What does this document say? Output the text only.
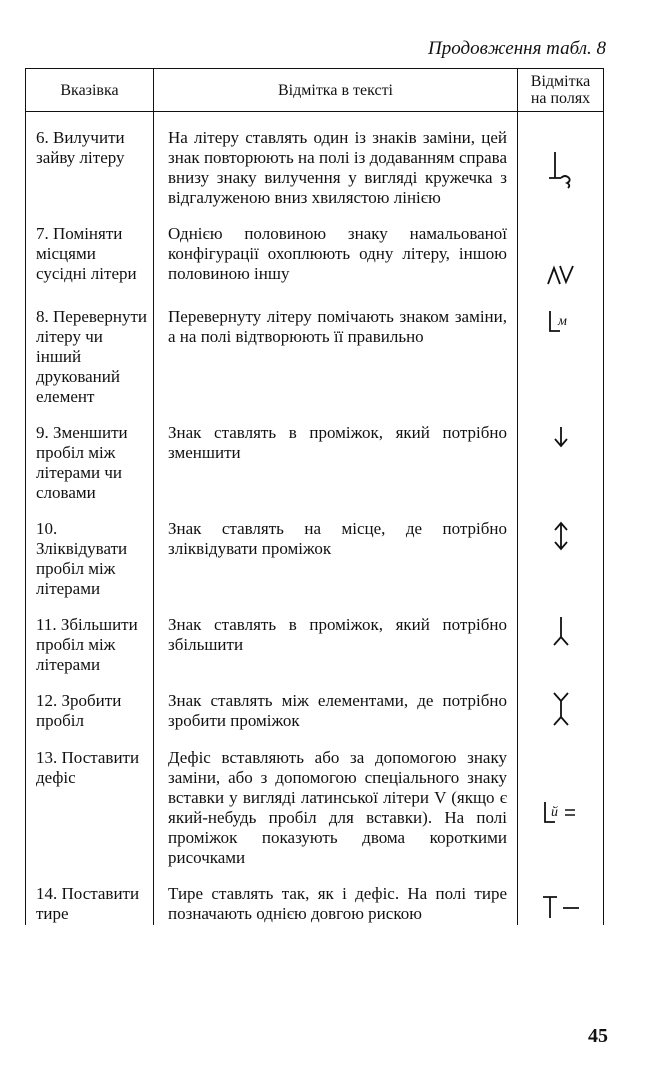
Продовження табл. 8
Вказівка	Відмітка в тексті	Відмітка
на полях

6. Вилучити зайву літеру	На літеру ставлять один із знаків заміни, цей знак повторюють на полі із додаванням справа внизу знаку вилучення у вигляді кружечка з відгалуженою вниз хвилястою лінією	

7. Поміняти місцями сусідні літери	Однією половиною знаку намальованої конфігурації охоплюють одну літеру, іншою половиною іншу	

8. Перевернути літеру чи інший друкований елемент	Перевернуту літеру помічають знаком заміни, а на полі відтворюють її правильно	м

9. Зменшити пробіл між літерами чи словами	Знак ставлять в проміжок, який потрібно зменшити	

10. Зліквідувати пробіл між літерами	Знак ставлять на місце, де потрібно зліквідувати проміжок	

11. Збільшити пробіл між літерами	Знак ставлять в проміжок, який потрібно збільшити	

12. Зробити пробіл	Знак ставлять між елементами, де потрібно зробити проміжок	

13. Поставити дефіс	Дефіс вставляють або за допомогою знаку заміни, або з допомогою спеціального знаку вставки у вигляді латинської літери V (якщо є який-небудь пробіл для вставки). На полі проміжок показують двома короткими рисочками	й

14. Поставити тире	Тире ставлять так, як і дефіс. На полі тире позначають однією довгою рискою	
45
